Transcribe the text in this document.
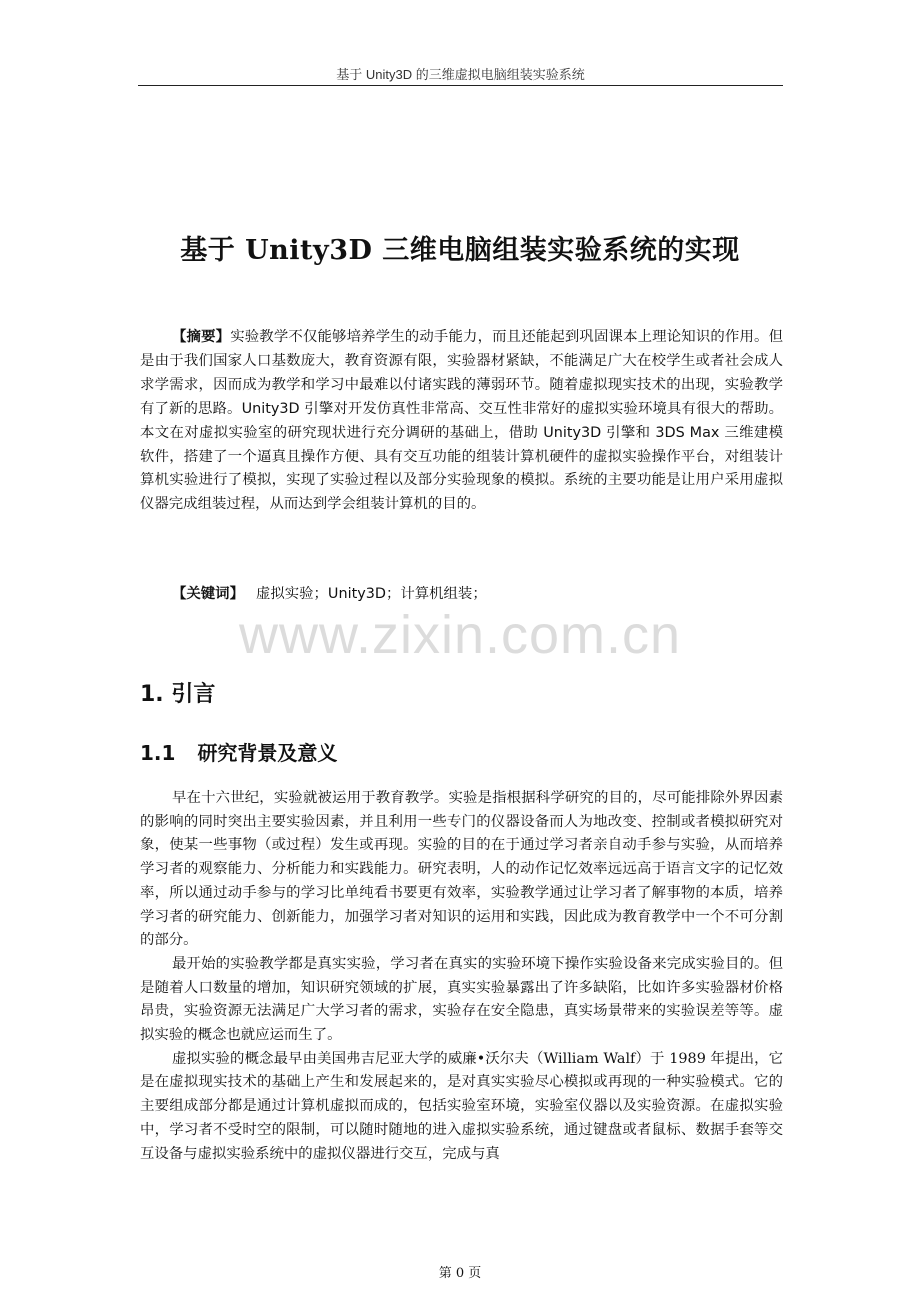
基于 Unity3D 的三维虚拟电脑组装实验系统
基于 Unity3D 三维电脑组装实验系统的实现

【摘要】实验教学不仅能够培养学生的动手能力，而且还能起到巩固课本上理论知识的作用。但是由于我们国家人口基数庞大，教育资源有限，实验器材紧缺，不能满足广大在校学生或者社会成人求学需求，因而成为教学和学习中最难以付诸实践的薄弱环节。随着虚拟现实技术的出现，实验教学有了新的思路。Unity3D 引擎对开发仿真性非常高、交互性非常好的虚拟实验环境具有很大的帮助。本文在对虚拟实验室的研究现状进行充分调研的基础上，借助 Unity3D 引擎和 3DS Max 三维建模软件，搭建了一个逼真且操作方便、具有交互功能的组装计算机硬件的虚拟实验操作平台，对组装计算机实验进行了模拟，实现了实验过程以及部分实验现象的模拟。系统的主要功能是让用户采用虚拟仪器完成组装过程，从而达到学会组装计算机的目的。

【关键词】 虚拟实验；Unity3D；计算机组装；

www.zixin.com.cn
1. 引言
1.1 研究背景及意义

早在十六世纪，实验就被运用于教育教学。实验是指根据科学研究的目的，尽可能排除外界因素的影响的同时突出主要实验因素，并且利用一些专门的仪器设备而人为地改变、控制或者模拟研究对象，使某一些事物（或过程）发生或再现。实验的目的在于通过学习者亲自动手参与实验，从而培养学习者的观察能力、分析能力和实践能力。研究表明，人的动作记忆效率远远高于语言文字的记忆效率，所以通过动手参与的学习比单纯看书要更有效率，实验教学通过让学习者了解事物的本质，培养学习者的研究能力、创新能力，加强学习者对知识的运用和实践，因此成为教育教学中一个不可分割的部分。

最开始的实验教学都是真实实验，学习者在真实的实验环境下操作实验设备来完成实验目的。但是随着人口数量的增加，知识研究领域的扩展，真实实验暴露出了许多缺陷，比如许多实验器材价格昂贵，实验资源无法满足广大学习者的需求，实验存在安全隐患，真实场景带来的实验误差等等。虚拟实验的概念也就应运而生了。

虚拟实验的概念最早由美国弗吉尼亚大学的威廉•沃尔夫（William Walf）于 1989 年提出，它是在虚拟现实技术的基础上产生和发展起来的，是对真实实验尽心模拟或再现的一种实验模式。它的主要组成部分都是通过计算机虚拟而成的，包括实验室环境，实验室仪器以及实验资源。在虚拟实验中，学习者不受时空的限制，可以随时随地的进入虚拟实验系统，通过键盘或者鼠标、数据手套等交互设备与虚拟实验系统中的虚拟仪器进行交互，完成与真

第 0 页
